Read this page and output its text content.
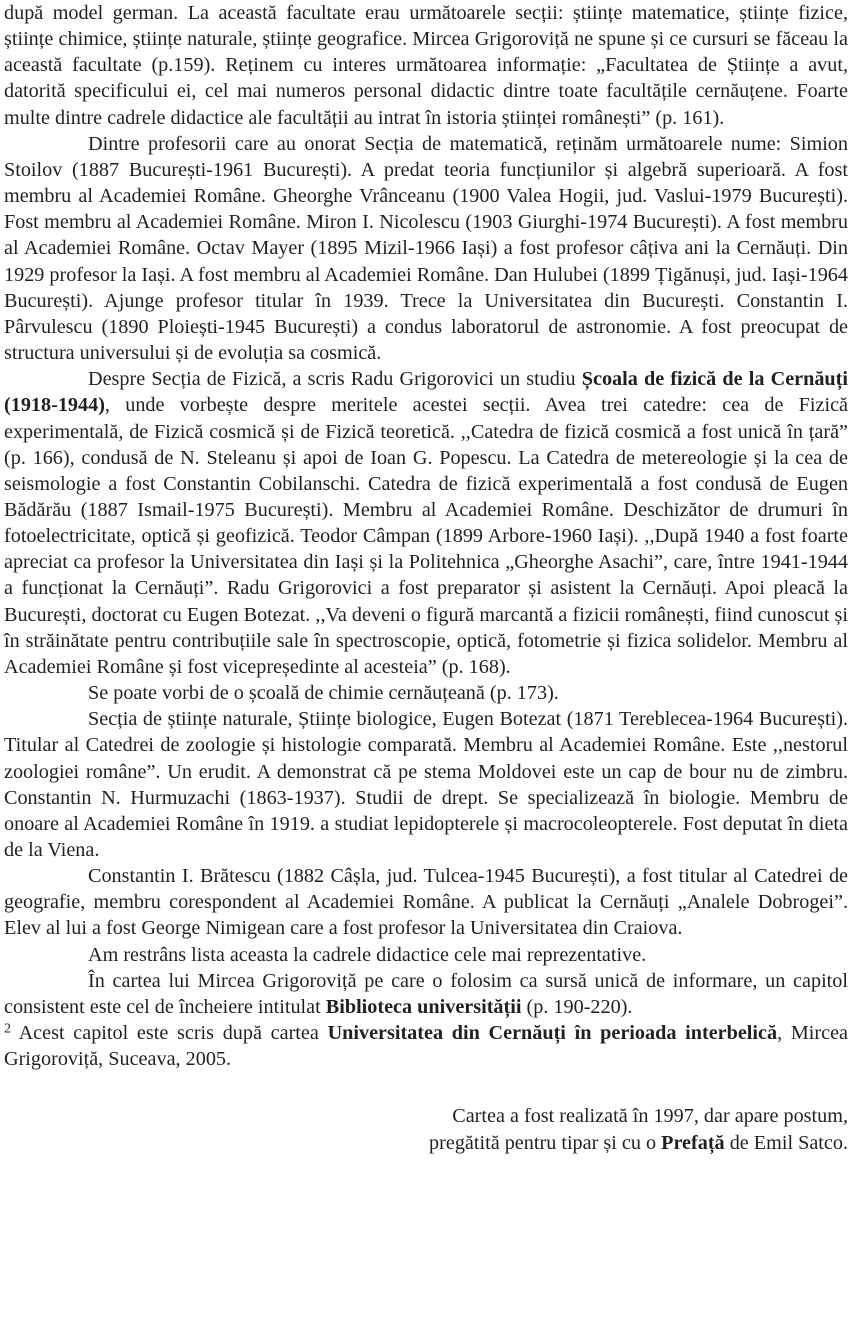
după model german. La această facultate erau următoarele secții: științe matematice, științe fizice, științe chimice, științe naturale, științe geografice. Mircea Grigoroviță ne spune și ce cursuri se făceau la această facultate (p.159). Reținem cu interes următoarea informație: „Facultatea de Științe a avut, datorită specificului ei, cel mai numeros personal didactic dintre toate facultățile cernăuțene. Foarte multe dintre cadrele didactice ale facultății au intrat în istoria științei românești” (p. 161).

Dintre profesorii care au onorat Secția de matematică, reținăm următoarele nume: Simion Stoilov (1887 București-1961 București). A predat teoria funcțiunilor și algebră superioară. A fost membru al Academiei Române. Gheorghe Vrânceanu (1900 Valea Hogii, jud. Vaslui-1979 București). Fost membru al Academiei Române. Miron I. Nicolescu (1903 Giurghi-1974 București). A fost membru al Academiei Române. Octav Mayer (1895 Mizil-1966 Iași) a fost profesor câțiva ani la Cernăuți. Din 1929 profesor la Iași. A fost membru al Academiei Române. Dan Hulubei (1899 Țigănuși, jud. Iași-1964 București). Ajunge profesor titular în 1939. Trece la Universitatea din București. Constantin I. Pârvulescu (1890 Ploiești-1945 București) a condus laboratorul de astronomie. A fost preocupat de structura universului și de evoluția sa cosmică.

Despre Secția de Fizică, a scris Radu Grigorovici un studiu Școala de fizică de la Cernăuți (1918-1944), unde vorbește despre meritele acestei secții. Avea trei catedre: cea de Fizică experimentală, de Fizică cosmică și de Fizică teoretică. ,,Catedra de fizică cosmică a fost unică în țară” (p. 166), condusă de N. Steleanu și apoi de Ioan G. Popescu. La Catedra de metereologie și la cea de seismologie a fost Constantin Cobilanschi. Catedra de fizică experimentală a fost condusă de Eugen Bădărău (1887 Ismail-1975 București). Membru al Academiei Române. Deschizător de drumuri în fotoelectricitate, optică și geofizică. Teodor Câmpan (1899 Arbore-1960 Iași). ,,După 1940 a fost foarte apreciat ca profesor la Universitatea din Iași și la Politehnica „Gheorghe Asachi”, care, între 1941-1944 a funcționat la Cernăuți”. Radu Grigorovici a fost preparator și asistent la Cernăuți. Apoi pleacă la București, doctorat cu Eugen Botezat. ,,Va deveni o figură marcantă a fizicii românești, fiind cunoscut și în străinătate pentru contribuțiile sale în spectroscopie, optică, fotometrie și fizica solidelor. Membru al Academiei Române și fost vicepreședinte al acesteia” (p. 168).

Se poate vorbi de o școală de chimie cernăuțeană (p. 173).

Secția de științe naturale, Științe biologice, Eugen Botezat (1871 Tereblecea-1964 București). Titular al Catedrei de zoologie și histologie comparată. Membru al Academiei Române. Este ,,nestorul zoologiei române”. Un erudit. A demonstrat că pe stema Moldovei este un cap de bour nu de zimbru. Constantin N. Hurmuzachi (1863-1937). Studii de drept. Se specializează în biologie. Membru de onoare al Academiei Române în 1919. a studiat lepidopterele și macrocoleopterele. Fost deputat în dieta de la Viena.

Constantin I. Brătescu (1882 Câșla, jud. Tulcea-1945 București), a fost titular al Catedrei de geografie, membru corespondent al Academiei Române. A publicat la Cernăuți „Analele Dobrogei”. Elev al lui a fost George Nimigean care a fost profesor la Universitatea din Craiova.

Am restrâns lista aceasta la cadrele didactice cele mai reprezentative.

În cartea lui Mircea Grigoroviță pe care o folosim ca sursă unică de informare, un capitol consistent este cel de încheiere intitulat Biblioteca universității (p. 190-220).

$^2$ Acest capitol este scris după cartea Universitatea din Cernăuți în perioada interbelică, Mircea Grigoroviță, Suceava, 2005.

Cartea a fost realizată în 1997, dar apare postum,
pregătită pentru tipar și cu o Prefață de Emil Satco.
